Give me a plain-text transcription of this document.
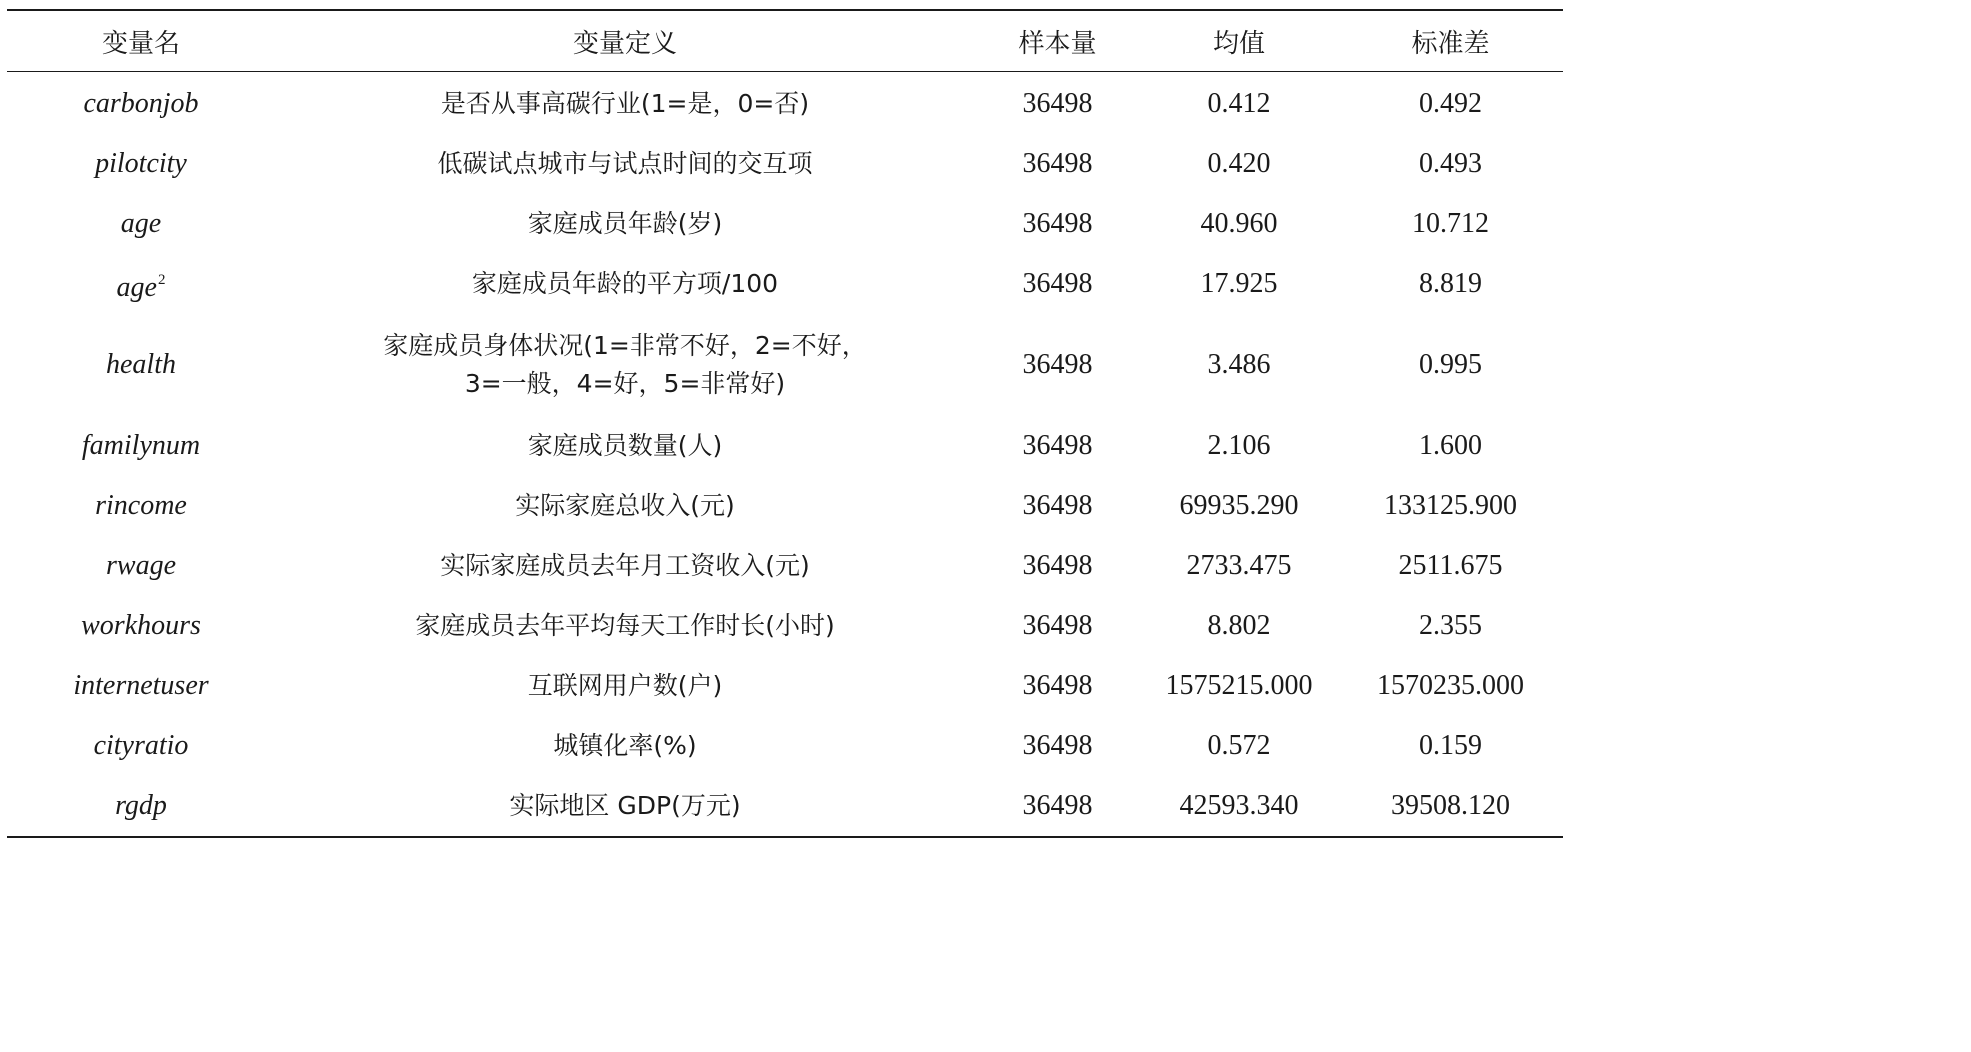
变量名	变量定义	样本量	均值	标准差
carbonjob	是否从事高碳行业(1=是，0=否)	36498	0.412	0.492
pilotcity	低碳试点城市与试点时间的交互项	36498	0.420	0.493
age	家庭成员年龄(岁)	36498	40.960	10.712
age$^2$	家庭成员年龄的平方项/100	36498	17.925	8.819
health	家庭成员身体状况(1=非常不好，2=不好，
3=一般，4=好，5=非常好)	36498	3.486	0.995
familynum	家庭成员数量(人)	36498	2.106	1.600
rincome	实际家庭总收入(元)	36498	69935.290	133125.900
rwage	实际家庭成员去年月工资收入(元)	36498	2733.475	2511.675
workhours	家庭成员去年平均每天工作时长(小时)	36498	8.802	2.355
internetuser	互联网用户数(户)	36498	1575215.000	1570235.000
cityratio	城镇化率(%)	36498	0.572	0.159
rgdp	实际地区 GDP(万元)	36498	42593.340	39508.120
